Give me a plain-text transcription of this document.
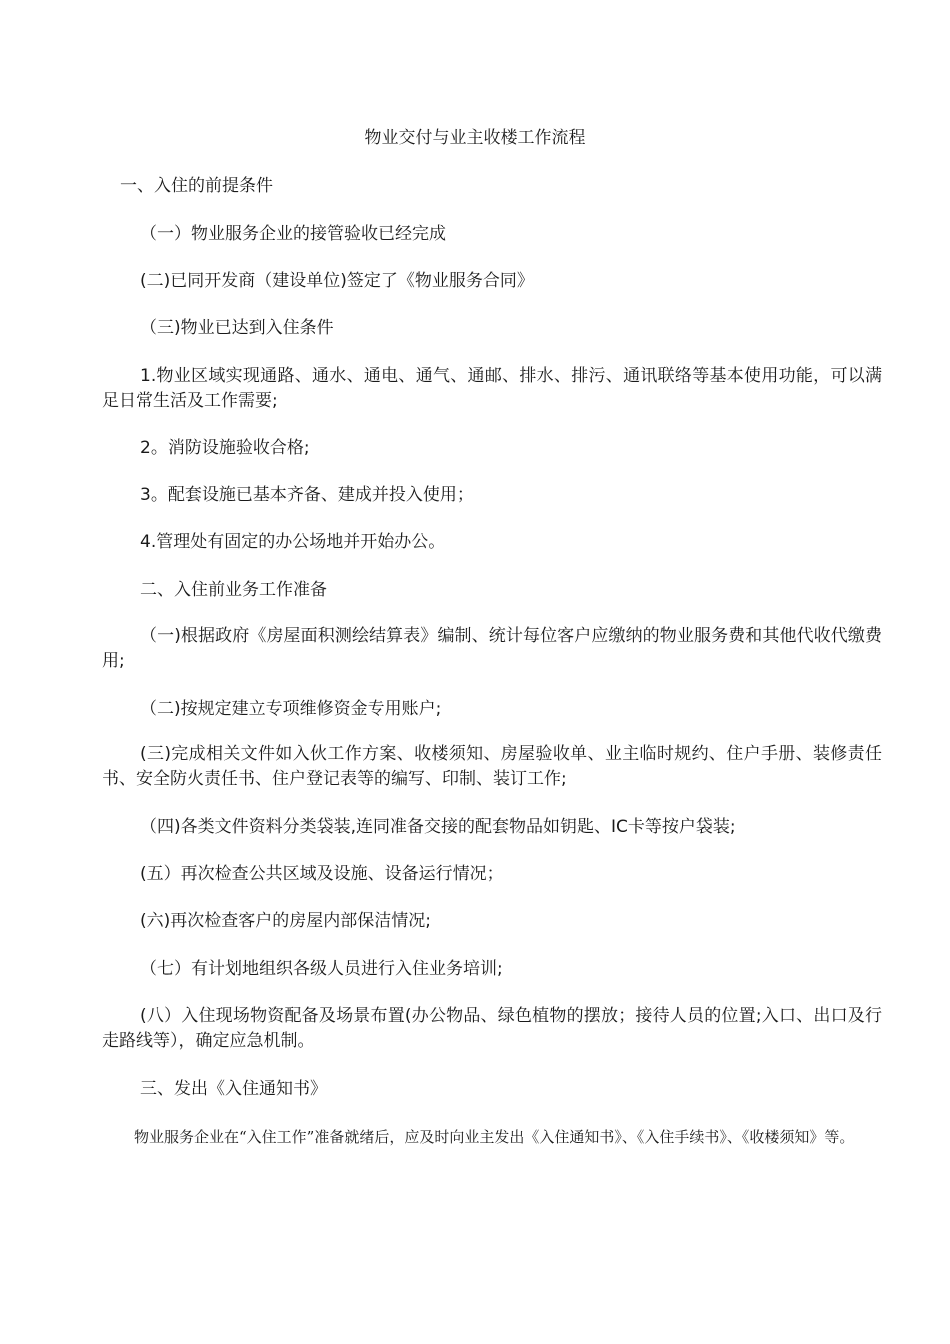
物业交付与业主收楼工作流程
一、入住的前提条件
（一）物业服务企业的接管验收已经完成
(二)已同开发商（建设单位)签定了《物业服务合同》
（三)物业已达到入住条件
1.物业区域实现通路、通水、通电、通气、通邮、排水、排污、通讯联络等基本使用功能，可以满足日常生活及工作需要;
2。消防设施验收合格;
3。配套设施已基本齐备、建成并投入使用；
4.管理处有固定的办公场地并开始办公。
二、入住前业务工作准备
（一)根据政府《房屋面积测绘结算表》编制、统计每位客户应缴纳的物业服务费和其他代收代缴费用;
（二)按规定建立专项维修资金专用账户;
(三)完成相关文件如入伙工作方案、收楼须知、房屋验收单、业主临时规约、住户手册、装修责任书、安全防火责任书、住户登记表等的编写、印制、装订工作;
（四)各类文件资料分类袋装,连同准备交接的配套物品如钥匙、IC卡等按户袋装;
(五）再次检查公共区域及设施、设备运行情况；
(六)再次检查客户的房屋内部保洁情况;
（七）有计划地组织各级人员进行入住业务培训;
(八）入住现场物资配备及场景布置(办公物品、绿色植物的摆放；接待人员的位置;入口、出口及行走路线等），确定应急机制。
三、发出《入住通知书》
物业服务企业在“入住工作”准备就绪后，应及时向业主发出《入住通知书》、《入住手续书》、《收楼须知》等。
